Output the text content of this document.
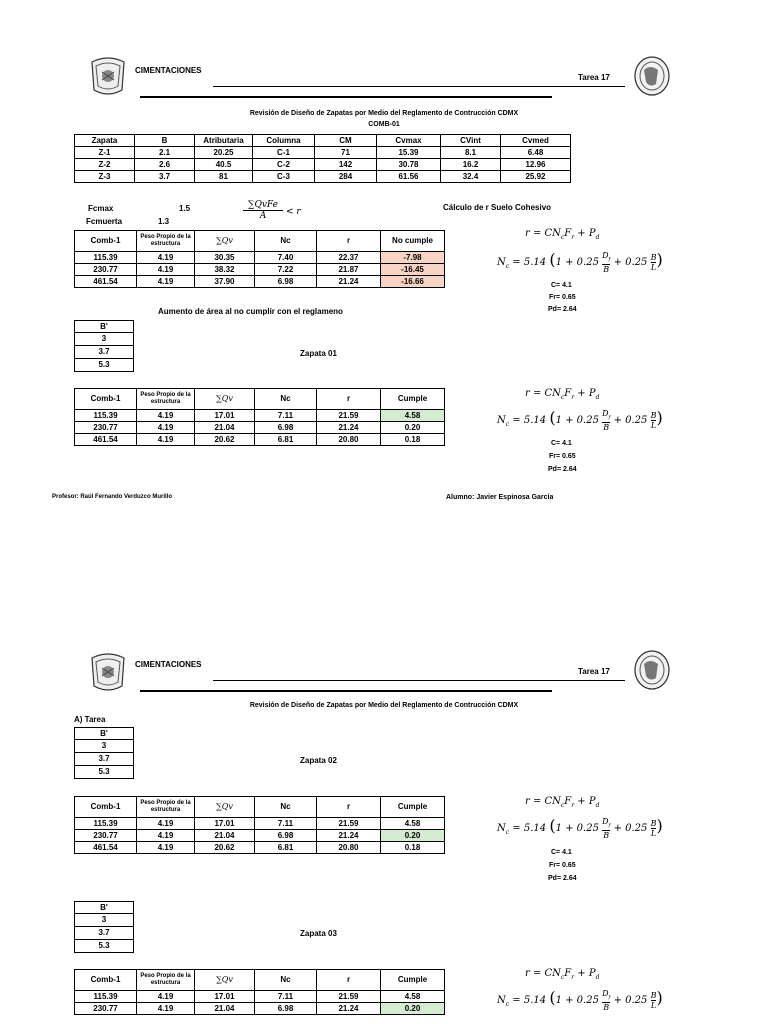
CIMENTACIONES
Tarea 17
Revisión de Diseño de Zapatas por Medio del Reglamento de Contrucción CDMX
COMB-01
Zapata	B	Atributaria	Columna	CM	Cvmax	CVint	Cvmed
Z-1	2.1	20.25	C-1	71	15.39	8.1	6.48
Z-2	2.6	40.5	C-2	142	30.78	16.2	12.96
Z-3	3.7	81	C-3	284	61.56	32.4	25.92
Fcmax	1.5
Fcmuerta	1.3
∑QvFe
A	< r	Cálculo de r Suelo Cohesivo
Comb-1	Peso Propio de la estructura	∑Qv	Nc	r	No cumple
115.39	4.19	30.35	7.40	22.37	-7.98
230.77	4.19	38.32	7.22	21.87	-16.45
461.54	4.19	37.90	6.98	21.24	-16.66
$r = CN_cF_r + P_d$
$N_c = 5.14$ ($1 + 0.25 \frac{D_f}{B} + 0.25 \frac{B}{L}$ )
C= 4.1
Fr= 0.65
Pd= 2.64
Aumento de área al no cumplir con el reglameno
B'
3
3.7
5.3
Zapata 01
Comb-1	Peso Propio de la estructura	∑Qv	Nc	r	Cumple
115.39	4.19	17.01	7.11	21.59	4.58
230.77	4.19	21.04	6.98	21.24	0.20
461.54	4.19	20.62	6.81	20.80	0.18
$r = CN_cF_r + P_d$
$N_c = 5.14$ ($1 + 0.25 \frac{D_f}{B} + 0.25 \frac{B}{L}$ )
C= 4.1
Fr= 0.65
Pd= 2.64
Profesor: Raúl Fernando Verduzco Murillo	Alumno: Javier Espinosa García
CIMENTACIONES
Tarea 17
Revisión de Diseño de Zapatas por Medio del Reglamento de Contrucción CDMX
A) Tarea
B'
3
3.7
5.3
Zapata 02
Comb-1	Peso Propio de la estructura	∑Qv	Nc	r	Cumple
115.39	4.19	17.01	7.11	21.59	4.58
230.77	4.19	21.04	6.98	21.24	0.20
461.54	4.19	20.62	6.81	20.80	0.18
$r = CN_cF_r + P_d$
$N_c = 5.14$ ($1 + 0.25 \frac{D_f}{B} + 0.25 \frac{B}{L}$ )
C= 4.1
Fr= 0.65
Pd= 2.64
B'
3
3.7
5.3
Zapata 03
Comb-1	Peso Propio de la estructura	∑Qv	Nc	r	Cumple
115.39	4.19	17.01	7.11	21.59	4.58
230.77	4.19	21.04	6.98	21.24	0.20
$r = CN_cF_r + P_d$
$N_c = 5.14$ ($1 + 0.25 \frac{D_f}{B} + 0.25 \frac{B}{L}$ )
